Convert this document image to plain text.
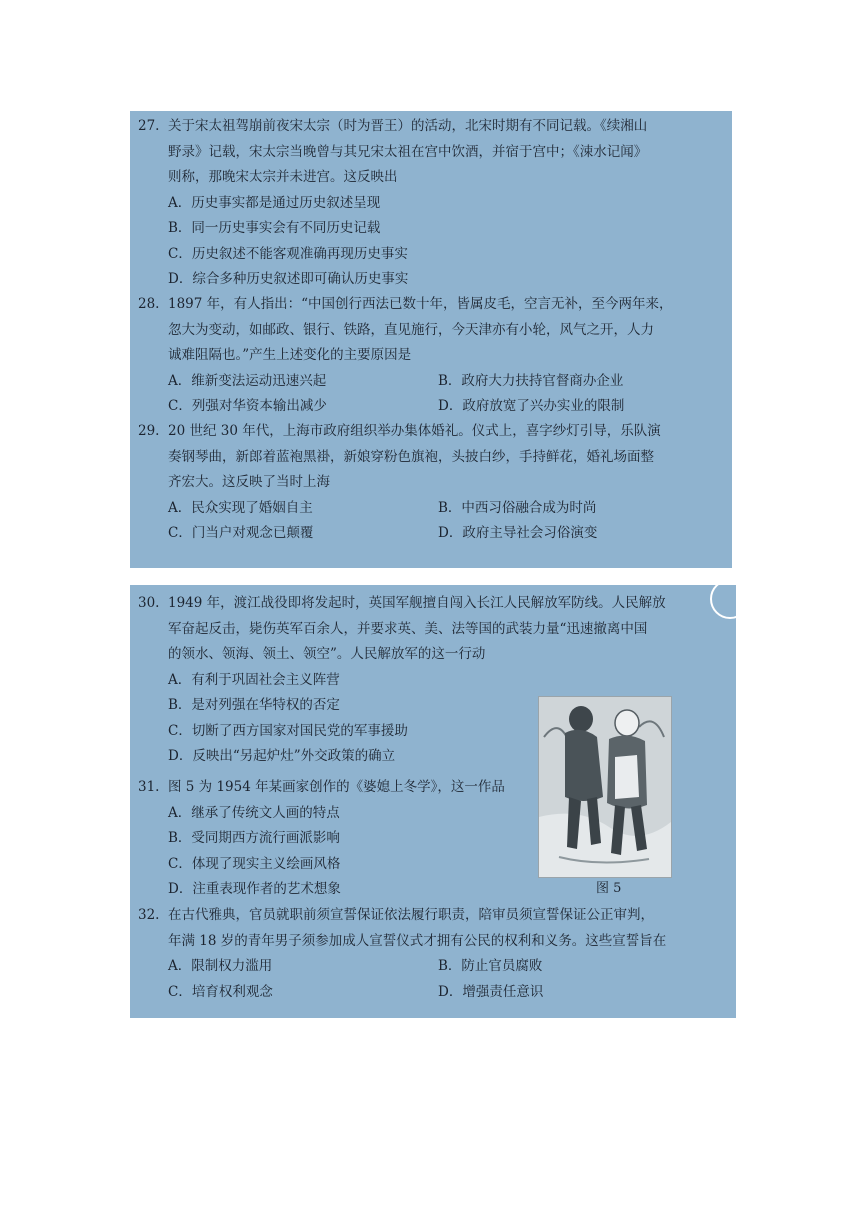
27. 关于宋太祖驾崩前夜宋太宗（时为晋王）的活动，北宋时期有不同记载。《续湘山
野录》记载，宋太宗当晚曾与其兄宋太祖在宫中饮酒，并宿于宫中；《涑水记闻》
则称，那晚宋太宗并未进宫。这反映出
A．历史事实都是通过历史叙述呈现
B．同一历史事实会有不同历史记载
C．历史叙述不能客观准确再现历史事实
D．综合多种历史叙述即可确认历史事实
28. 1897 年，有人指出：“中国创行西法已数十年，皆属皮毛，空言无补，至今两年来，
忽大为变动，如邮政、银行、铁路，直见施行，今天津亦有小轮，风气之开，人力
诚难阻隔也。”产生上述变化的主要原因是
A．维新变法运动迅速兴起	B．政府大力扶持官督商办企业
C．列强对华资本输出减少	D．政府放宽了兴办实业的限制
29. 20 世纪 30 年代，上海市政府组织举办集体婚礼。仪式上，喜字纱灯引导，乐队演
奏钢琴曲，新郎着蓝袍黑褂，新娘穿粉色旗袍，头披白纱，手持鲜花，婚礼场面整
齐宏大。这反映了当时上海
A．民众实现了婚姻自主	B．中西习俗融合成为时尚
C．门当户对观念已颠覆	D．政府主导社会习俗演变
30. 1949 年，渡江战役即将发起时，英国军舰擅自闯入长江人民解放军防线。人民解放
军奋起反击，毙伤英军百余人，并要求英、美、法等国的武装力量“迅速撤离中国
的领水、领海、领土、领空”。人民解放军的这一行动
A．有利于巩固社会主义阵营
B．是对列强在华特权的否定
C．切断了西方国家对国民党的军事援助
D．反映出“另起炉灶”外交政策的确立
图 5
31. 图 5 为 1954 年某画家创作的《婆媳上冬学》，这一作品
A．继承了传统文人画的特点
B．受同期西方流行画派影响
C．体现了现实主义绘画风格
D．注重表现作者的艺术想象
32. 在古代雅典，官员就职前须宣誓保证依法履行职责，陪审员须宣誓保证公正审判，
年满 18 岁的青年男子须参加成人宣誓仪式才拥有公民的权利和义务。这些宣誓旨在
A．限制权力滥用	B．防止官员腐败
C．培育权利观念	D．增强责任意识
